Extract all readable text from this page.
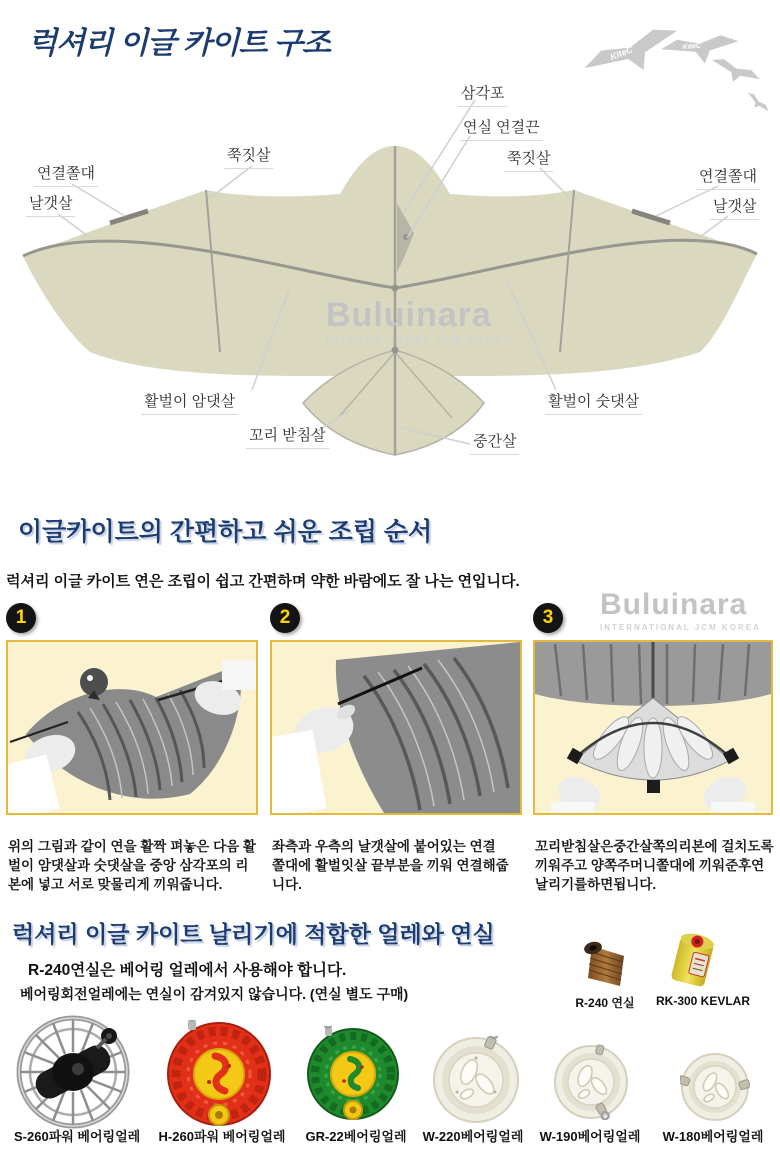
럭셔리 이글 카이트 구조	KiteC	KiteC
Buluinara
INTERNATIONAL JCM KOREA
삼각포
연실 연결끈
쭉짓살	쭉짓살
연결쫄대	연결쫄대
날갯살	날갯살
활벌이 암댓살	활벌이 숫댓살
꼬리 받침살	중간살
이글카이트의 간편하고 쉬운 조립 순서
럭셔리 이글 카이트 연은 조립이 쉽고 간편하며 약한 바람에도 잘 나는 연입니다.
Buluinara
INTERNATIONAL JCM KOREA
1	2	3
위의 그림과 같이 연을 활짝 펴놓은 다음 활벌이 암댓살과 숫댓살을 중앙 삼각포의 리본에 넣고 서로 맞물리게 끼워줍니다.
좌측과 우측의 날갯살에 붙어있는 연결 쫄대에 활벌잇살 끝부분을 끼워 연결해줍니다.
꼬리받침살은중간살쪽의리본에 걸치도록끼워주고 양쪽주머니쫄대에 끼워준후연날리기를하면됩니다.
럭셔리 이글 카이트 날리기에 적합한 얼레와 연실
R-240연실은 베어링 얼레에서 사용해야 합니다.
베어링회전얼레에는 연실이 감겨있지 않습니다. (연실 별도 구매)
R-240 연실	RK-300 KEVLAR
S-260파워 베어링얼레	H-260파워 베어링얼레	GR-22베어링얼레	W-220베어링얼레	W-190베어링얼레	W-180베어링얼레
